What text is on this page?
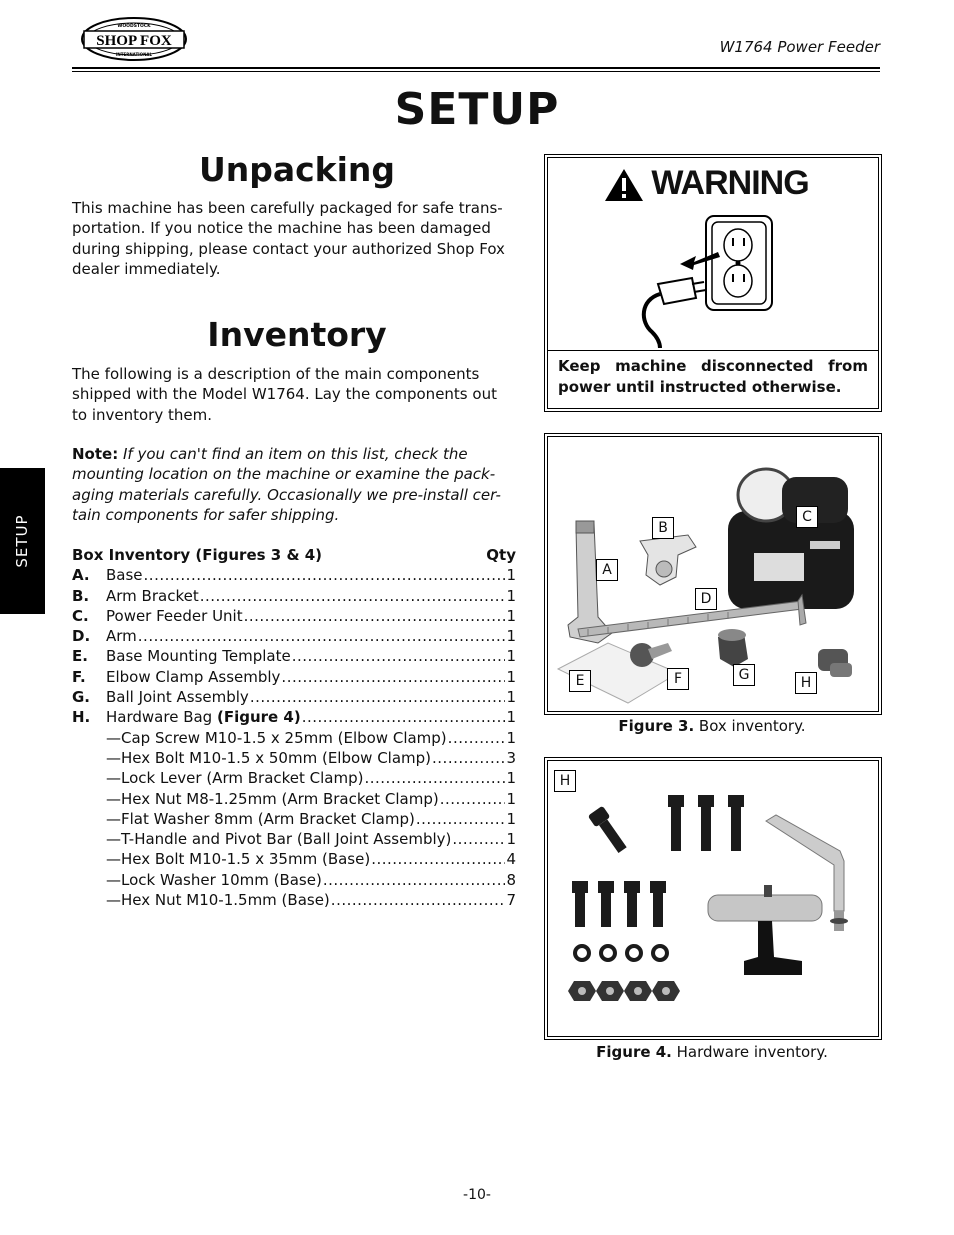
SHOP FOX
WOODSTOCK
INTERNATIONAL	W1764 Power Feeder
SETUP
SETUP
Unpacking
This machine has been carefully packaged for safe trans-
portation. If you notice the machine has been damaged
during shipping, please contact your authorized Shop Fox
dealer immediately.
Inventory
The following is a description of the main components
shipped with the Model W1764. Lay the components out
to inventory them.
Note: If you can't find an item on this list, check the
mounting location on the machine or examine the pack-
aging materials carefully. Occasionally we pre-install cer-
tain components for safer shipping.
Box Inventory (Figures 3 & 4)	Qty
A.	Base .....	1
B.	Arm Bracket .....	1
C.	Power Feeder Unit .....	1
D.	Arm .....	1
E.	Base Mounting Template .....	1
F.	Elbow Clamp Assembly .....	1
G.	Ball Joint Assembly .....	1
H.	Hardware Bag (Figure 4) .....	1
—Cap Screw M10-1.5 x 25mm (Elbow Clamp) .....	1
—Hex Bolt M10-1.5 x 50mm (Elbow Clamp) .....	3
—Lock Lever (Arm Bracket Clamp) .....	1
—Hex Nut M8-1.25mm (Arm Bracket Clamp) .....	1
—Flat Washer 8mm (Arm Bracket Clamp) .....	1
—T-Handle and Pivot Bar (Ball Joint Assembly) .....	1
—Hex Bolt M10-1.5 x 35mm (Base) .....	4
—Lock Washer 10mm (Base) .....	8
—Hex Nut M10-1.5mm (Base) .....	7
WARNING
Keep machine disconnected from
power until instructed otherwise.
A
B
C
D
E	F	G	H
Figure 3. Box inventory.
H
Figure 4. Hardware inventory.
-10-
